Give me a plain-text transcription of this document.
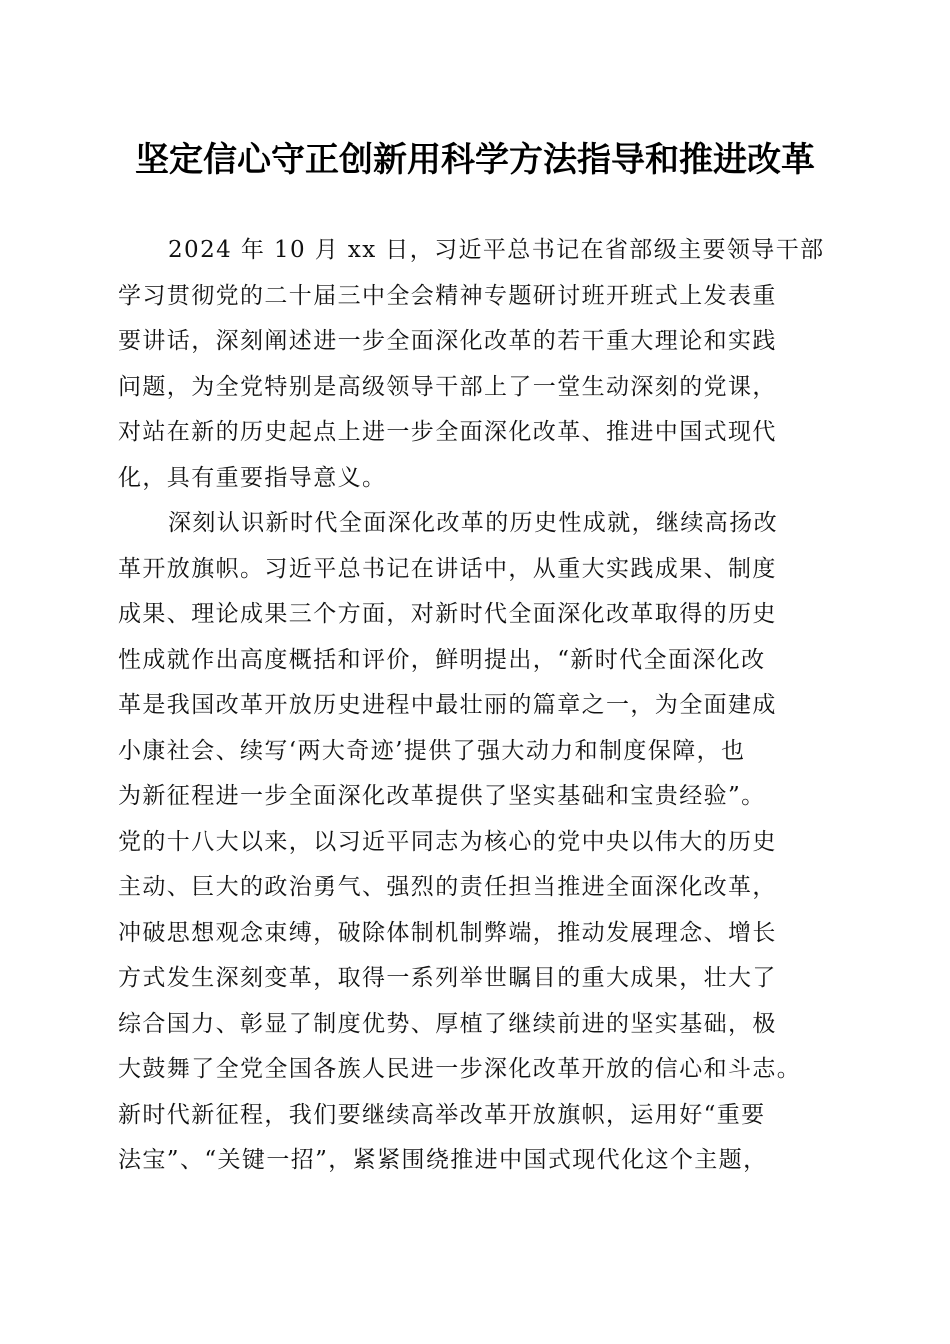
坚定信心守正创新用科学方法指导和推进改革
2024 年 10 月 xx 日，习近平总书记在省部级主要领导干部
学习贯彻党的二十届三中全会精神专题研讨班开班式上发表重
要讲话，深刻阐述进一步全面深化改革的若干重大理论和实践
问题，为全党特别是高级领导干部上了一堂生动深刻的党课，
对站在新的历史起点上进一步全面深化改革、推进中国式现代
化，具有重要指导意义。
深刻认识新时代全面深化改革的历史性成就，继续高扬改
革开放旗帜。习近平总书记在讲话中，从重大实践成果、制度
成果、理论成果三个方面，对新时代全面深化改革取得的历史
性成就作出高度概括和评价，鲜明提出，“新时代全面深化改
革是我国改革开放历史进程中最壮丽的篇章之一，为全面建成
小康社会、续写‘两大奇迹’提供了强大动力和制度保障，也
为新征程进一步全面深化改革提供了坚实基础和宝贵经验”。
党的十八大以来，以习近平同志为核心的党中央以伟大的历史
主动、巨大的政治勇气、强烈的责任担当推进全面深化改革，
冲破思想观念束缚，破除体制机制弊端，推动发展理念、增长
方式发生深刻变革，取得一系列举世瞩目的重大成果，壮大了
综合国力、彰显了制度优势、厚植了继续前进的坚实基础，极
大鼓舞了全党全国各族人民进一步深化改革开放的信心和斗志。
新时代新征程，我们要继续高举改革开放旗帜，运用好“重要
法宝”、“关键一招”，紧紧围绕推进中国式现代化这个主题，
